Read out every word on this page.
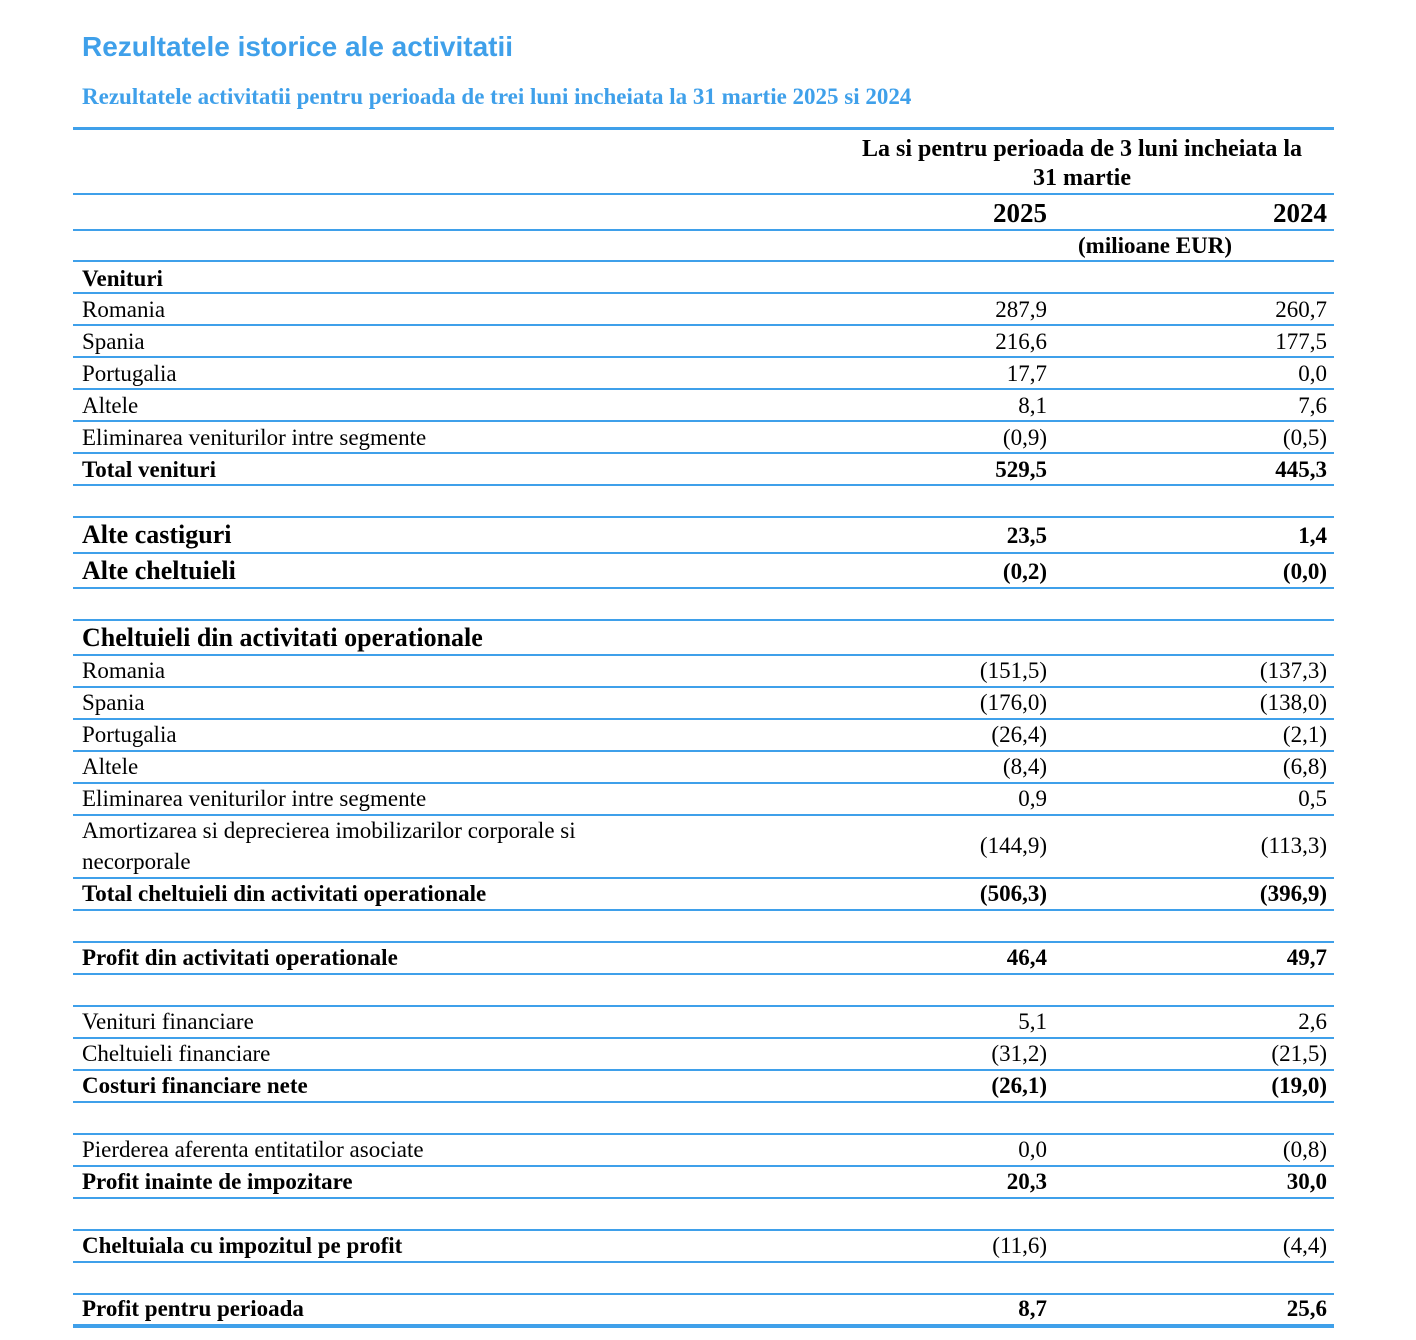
Rezultatele istorice ale activitatii
Rezultatele activitatii pentru perioada de trei luni incheiata la 31 martie 2025 si 2024
La si pentru perioada de 3 luni incheiata la
31 martie
2025	2024
(milioane EUR)
Venituri
Romania	287,9	260,7
Spania	216,6	177,5
Portugalia	17,7	0,0
Altele	8,1	7,6
Eliminarea veniturilor intre segmente	(0,9)	(0,5)
Total venituri	529,5	445,3
Alte castiguri	23,5	1,4
Alte cheltuieli	(0,2)	(0,0)
Cheltuieli din activitati operationale
Romania	(151,5)	(137,3)
Spania	(176,0)	(138,0)
Portugalia	(26,4)	(2,1)
Altele	(8,4)	(6,8)
Eliminarea veniturilor intre segmente	0,9	0,5
Amortizarea si deprecierea imobilizarilor corporale si
necorporale
(144,9)	(113,3)
Total cheltuieli din activitati operationale	(506,3)	(396,9)
Profit din activitati operationale	46,4	49,7
Venituri financiare	5,1	2,6
Cheltuieli financiare	(31,2)	(21,5)
Costuri financiare nete	(26,1)	(19,0)
Pierderea aferenta entitatilor asociate	0,0	(0,8)
Profit inainte de impozitare	20,3	30,0
Cheltuiala cu impozitul pe profit	(11,6)	(4,4)
Profit pentru perioada	8,7	25,6
